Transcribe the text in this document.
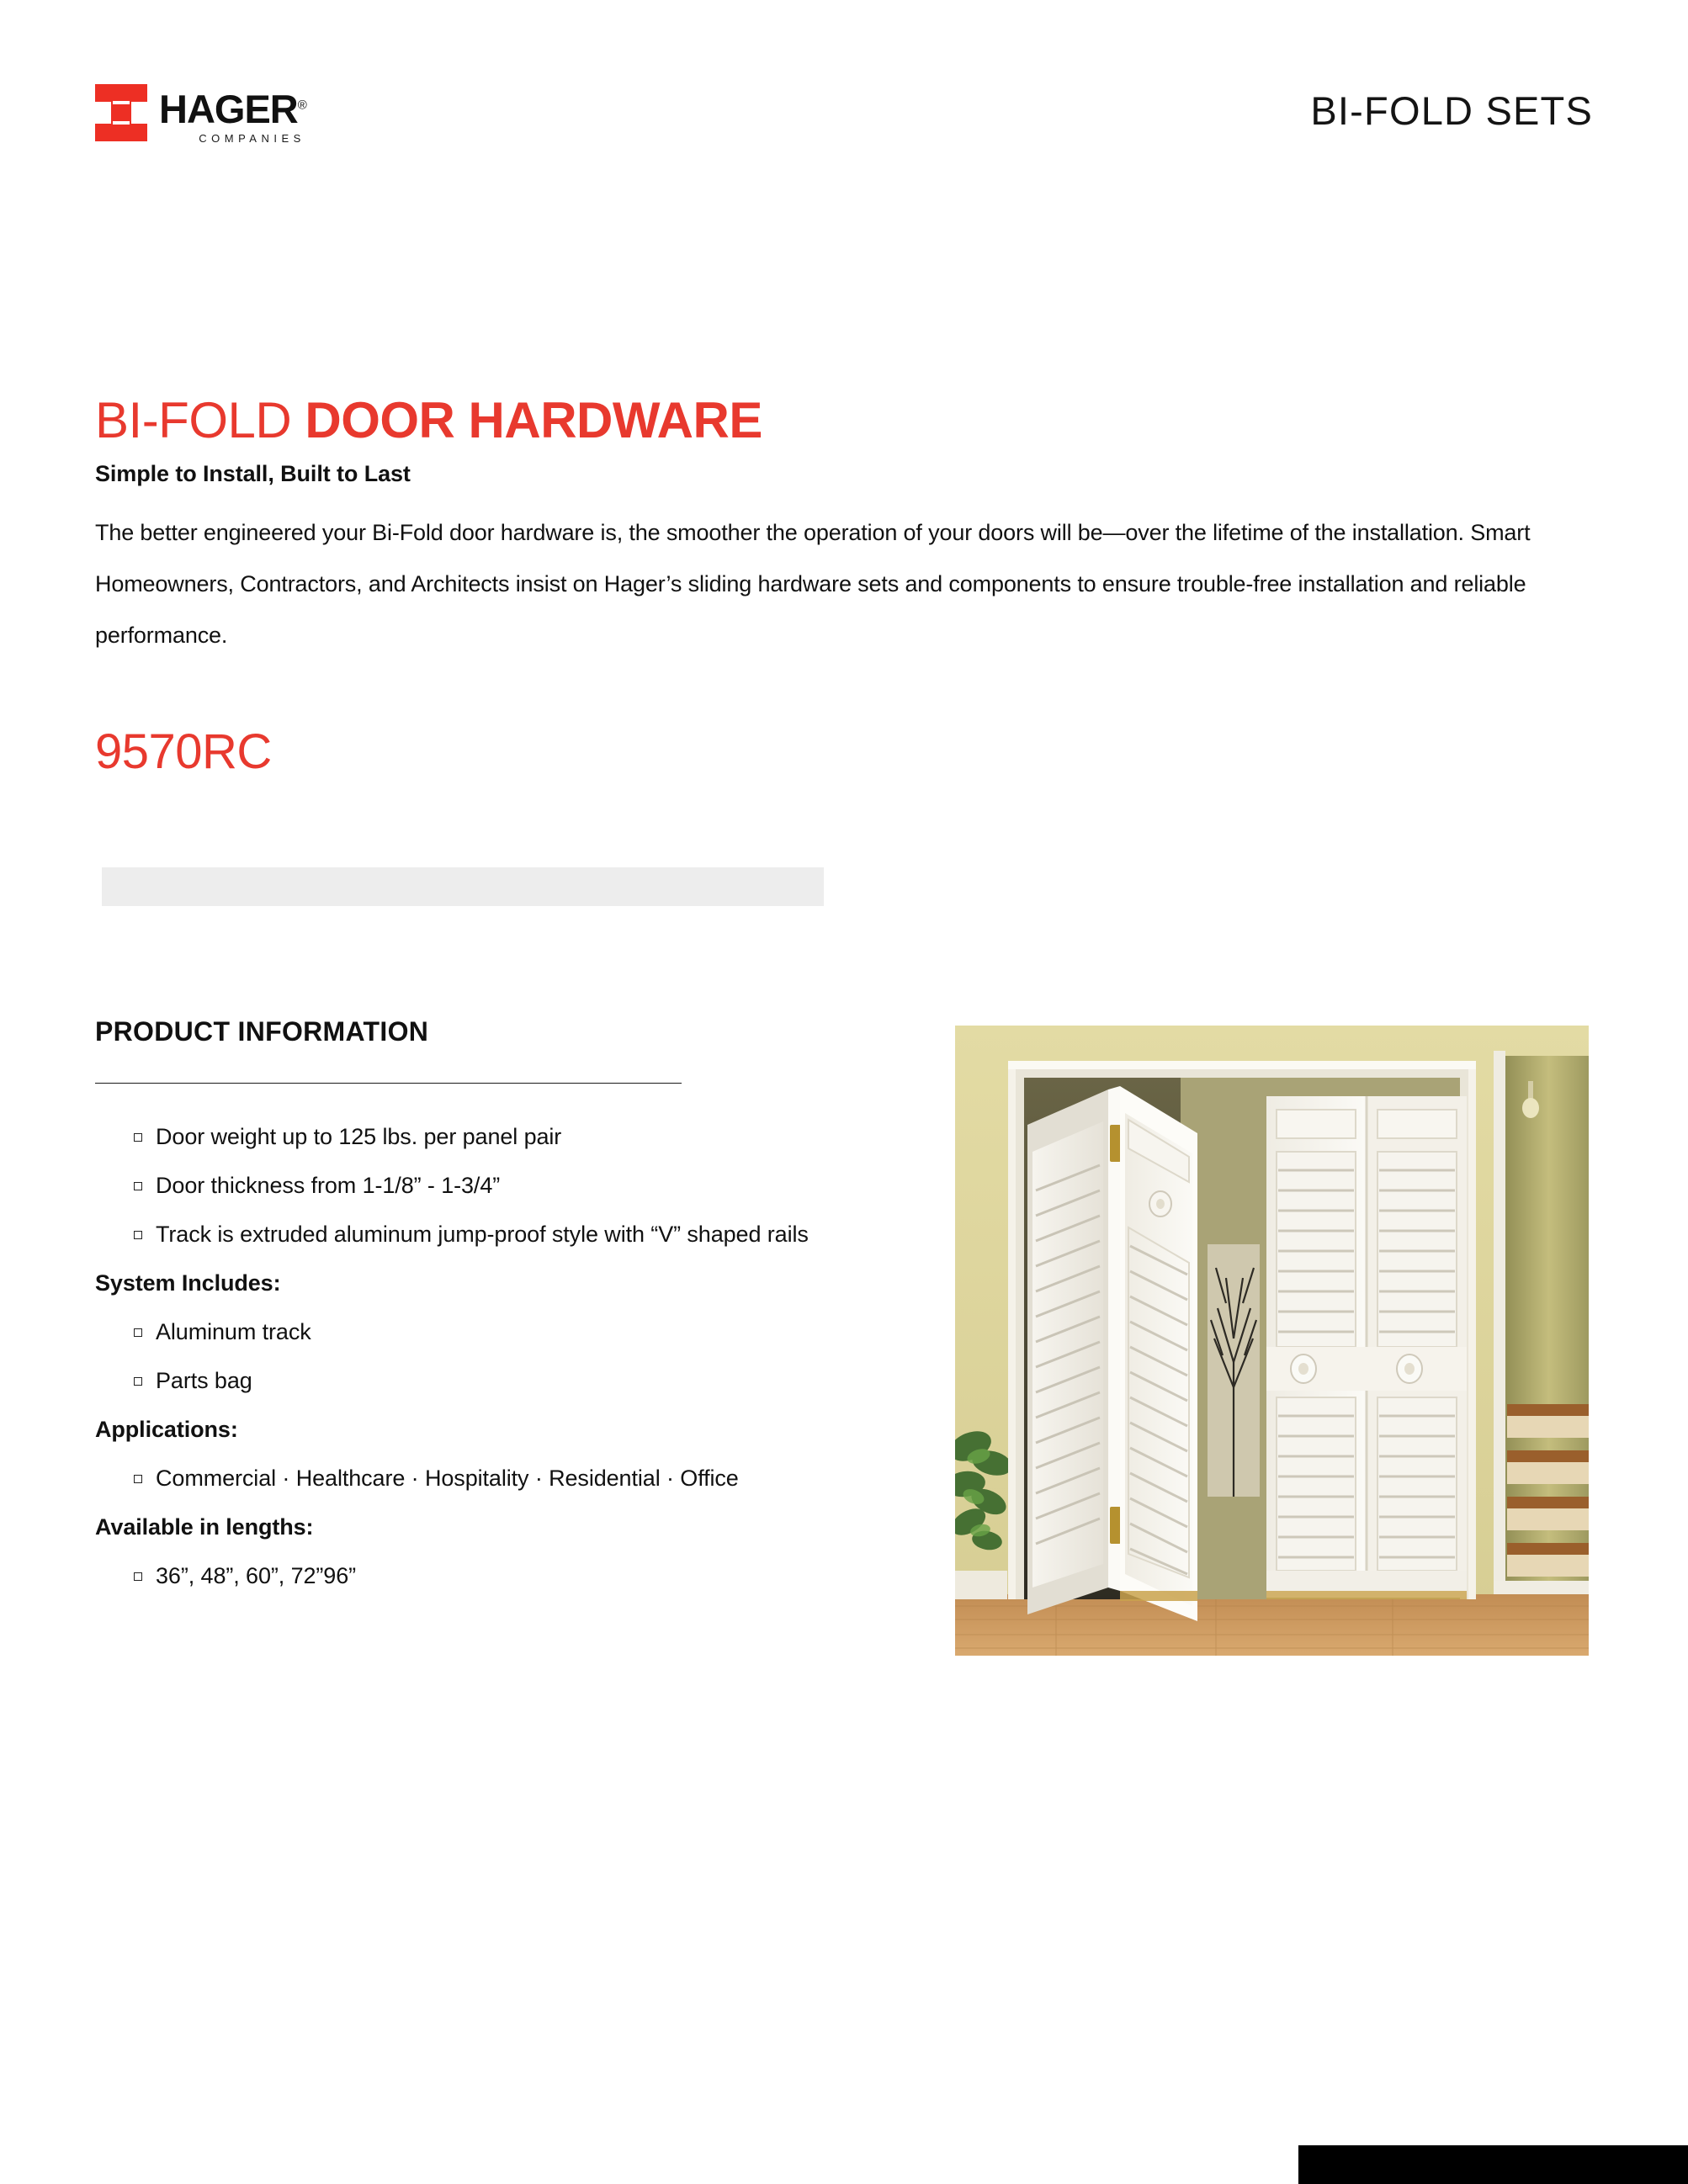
HAGER®
COMPANIES
BI-FOLD SETS
BI-FOLD DOOR HARDWARE
Simple to Install, Built to Last
The better engineered your Bi-Fold door hardware is, the smoother the operation of your doors will be—over the lifetime of the installation. Smart Homeowners, Contractors, and Architects insist on Hager’s sliding hardware sets and components to ensure trouble-free installation and reliable performance.
9570RC
PRODUCT INFORMATION
Door weight up to 125 lbs. per panel pair
Door thickness from 1-1/8” - 1-3/4”
Track is extruded aluminum jump-proof style with “V” shaped rails
System Includes:
Aluminum track
Parts bag
Applications:
Commercial · Healthcare · Hospitality · Residential · Office
Available in lengths:
36”, 48”, 60”, 72”96”
